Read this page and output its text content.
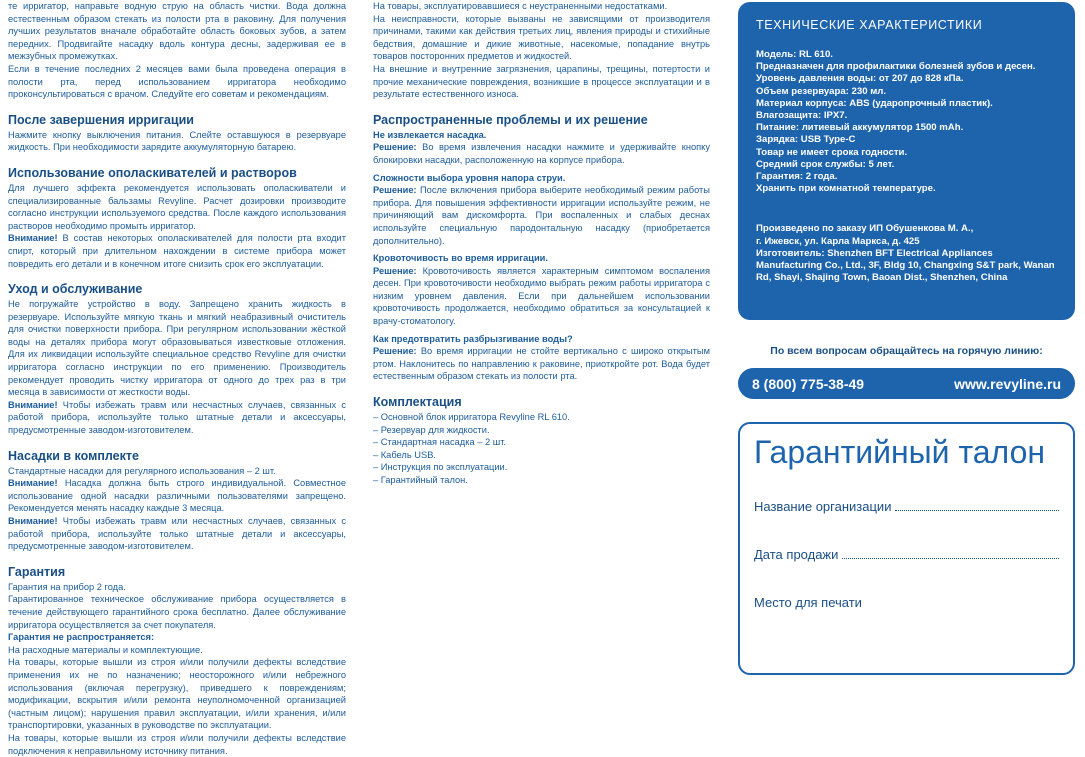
те ирригатор, направьте водную струю на область чистки. Вода должна естественным образом стекать из полости рта в раковину. Для получения лучших результатов вначале обработайте область боковых зубов, а затем передних. Продвигайте насадку вдоль контура десны, задерживая ее в межзубных промежутках.

Если в течение последних 2 месяцев вами была проведена операция в полости рта, перед использованием ирригатора необходимо проконсультироваться с врачом. Следуйте его советам и рекомендациям.

После завершения ирригации

Нажмите кнопку выключения питания. Слейте оставшуюся в резервуаре жидкость. При необходимости зарядите аккумуляторную батарею.

Использование ополаскивателей и растворов

Для лучшего эффекта рекомендуется использовать ополаскиватели и специализированные бальзамы Revyline. Расчет дозировки производите согласно инструкции используемого средства. После каждого использования растворов необходимо промыть ирригатор.

Внимание! В состав некоторых ополаскивателей для полости рта входит спирт, который при длительном нахождении в системе прибора может повредить его детали и в конечном итоге снизить срок его эксплуатации.

Уход и обслуживание

Не погружайте устройство в воду. Запрещено хранить жидкость в резервуаре. Используйте мягкую ткань и мягкий неабразивный очиститель для очистки поверхности прибора. При регулярном использовании жёсткой воды на деталях прибора могут образовываться известковые отложения. Для их ликвидации используйте специальное средство Revyline для очистки ирригатора согласно инструкции по его применению. Производитель рекомендует проводить чистку ирригатора от одного до трех раз в три месяца в зависимости от жесткости воды.

Внимание! Чтобы избежать травм или несчастных случаев, связанных с работой прибора, используйте только штатные детали и аксессуары, предусмотренные заводом-изготовителем.

Насадки в комплекте

Стандартные насадки для регулярного использования – 2 шт.

Внимание! Насадка должна быть строго индивидуальной. Совместное использование одной насадки различными пользователями запрещено. Рекомендуется менять насадку каждые 3 месяца.

Внимание! Чтобы избежать травм или несчастных случаев, связанных с работой прибора, используйте только штатные детали и аксессуары, предусмотренные заводом-изготовителем.

Гарантия

Гарантия на прибор 2 года.

Гарантированное техническое обслуживание прибора осуществляется в течение действующего гарантийного срока бесплатно. Далее обслуживание ирригатора осуществляется за счет покупателя.

Гарантия не распространяется:

На расходные материалы и комплектующие.

На товары, которые вышли из строя и/или получили дефекты вследствие применения их не по назначению; неосторожного и/или небрежного использования (включая перегрузку), приведшего к повреждениям; модификации, вскрытия и/или ремонта неуполномоченной организацией (частным лицом); нарушения правил эксплуатации, и/или хранения, и/или транспортировки, указанных в руководстве по эксплуатации.

На товары, которые вышли из строя и/или получили дефекты вследствие подключения к неправильному источнику питания.

На товары, эксплуатировавшиеся с неустраненными недостатками.

На неисправности, которые вызваны не зависящими от производителя причинами, такими как действия третьих лиц, явления природы и стихийные бедствия, домашние и дикие животные, насекомые, попадание внутрь товаров посторонних предметов и жидкостей.

На внешние и внутренние загрязнения, царапины, трещины, потертости и прочие механические повреждения, возникшие в процессе эксплуатации и в результате естественного износа.

Распространенные проблемы и их решение

Не извлекается насадка.

Решение: Во время извлечения насадки нажмите и удерживайте кнопку блокировки насадки, расположенную на корпусе прибора.

Сложности выбора уровня напора струи.

Решение: После включения прибора выберите необходимый режим работы прибора. Для повышения эффективности ирригации используйте режим, не причиняющий вам дискомфорта. При воспаленных и слабых деснах используйте специальную пародонтальную насадку (приобретается дополнительно).

Кровоточивость во время ирригации.

Решение: Кровоточивость является характерным симптомом воспаления десен. При кровоточивости необходимо выбрать режим работы ирригатора с низким уровнем давления. Если при дальнейшем использовании кровоточивость продолжается, необходимо обратиться за консультацией к врачу-стоматологу.

Как предотвратить разбрызгивание воды?

Решение: Во время ирригации не стойте вертикально с широко открытым ртом. Наклонитесь по направлению к раковине, приоткройте рот. Вода будет естественным образом стекать из полости рта.

Комплектация
– Основной блок ирригатора Revyline RL 610.
– Резервуар для жидкости.
– Стандартная насадка – 2 шт.
– Кабель USB.
– Инструкция по эксплуатации.
– Гарантийный талон.
ТЕХНИЧЕСКИЕ ХАРАКТЕРИСТИКИ
Модель: RL 610.
Предназначен для профилактики болезней зубов и десен.
Уровень давления воды: от 207 до 828 кПа.
Объем резервуара: 230 мл.
Материал корпуса: ABS (ударопрочный пластик).
Влагозащита: IPX7.
Питание: литиевый аккумулятор 1500 mAh.
Зарядка: USB Type-C
Товар не имеет срока годности.
Средний срок службы: 5 лет.
Гарантия: 2 года.
Хранить при комнатной температуре.
Произведено по заказу ИП Обушенкова М. А.,
г. Ижевск, ул. Карла Маркса, д. 425
Изготовитель: Shenzhen BFT Electrical Appliances Manufacturing Co., Ltd., 3F, Bldg 10, Changxing S&T park, Wanan Rd, Shayi, Shajing Town, Baoan Dist., Shenzhen, China
По всем вопросам обращайтесь на горячую линию:
8 (800) 775-38-49	www.revyline.ru
Гарантийный талон
Название организации
Дата продажи
Место для печати
